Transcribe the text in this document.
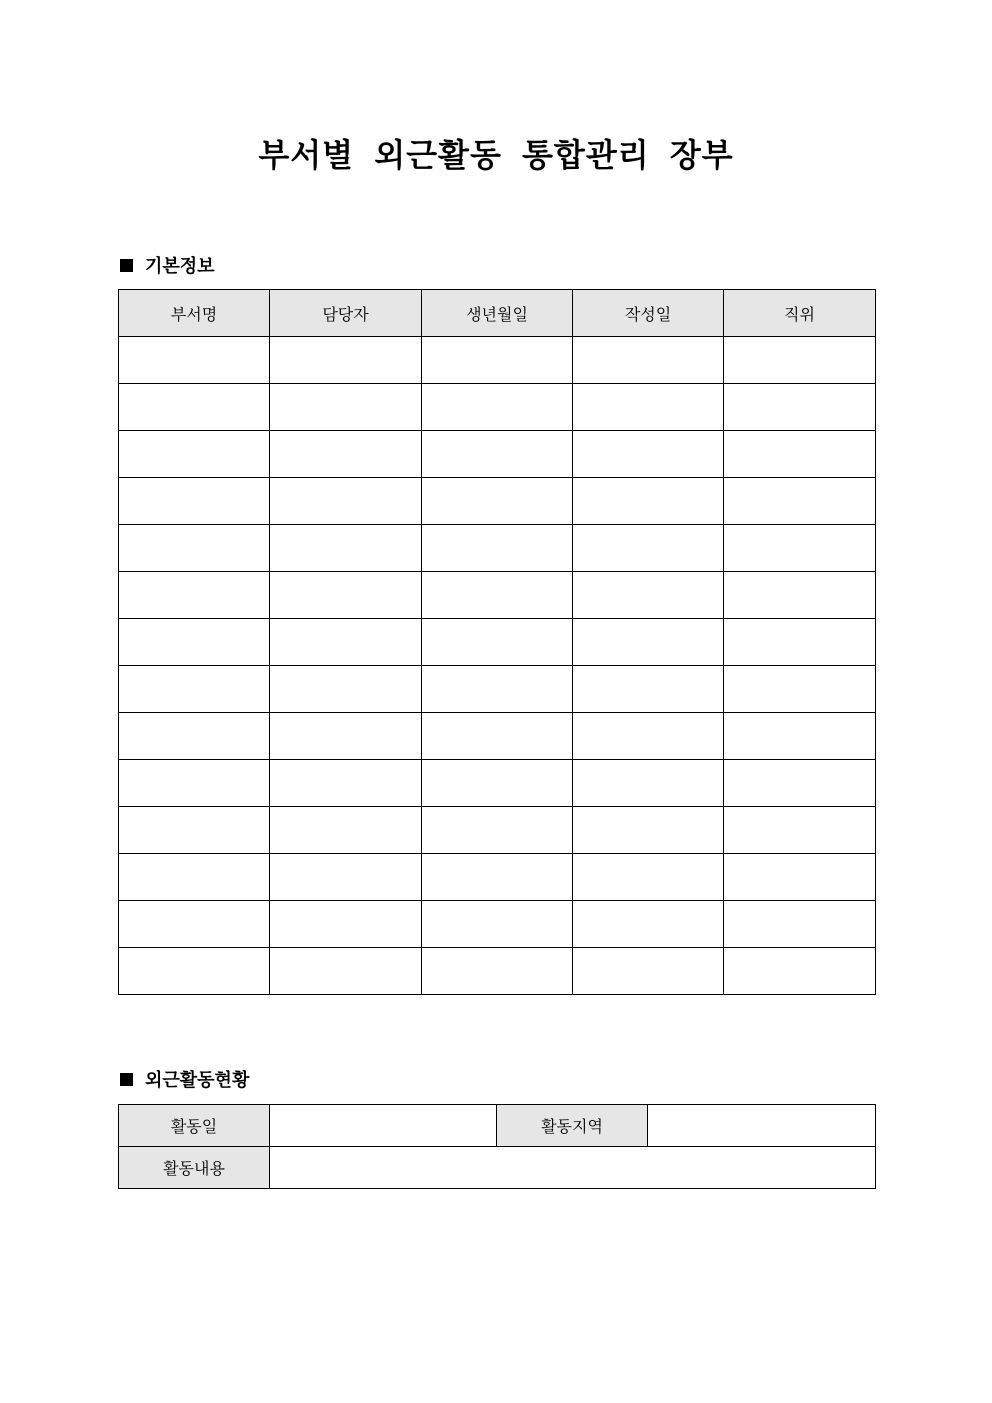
부서별 외근활동 통합관리 장부
기본정보
부서명	담당자	생년월일	작성일	직위

외근활동현황
활동일		활동지역	
활동내용			
